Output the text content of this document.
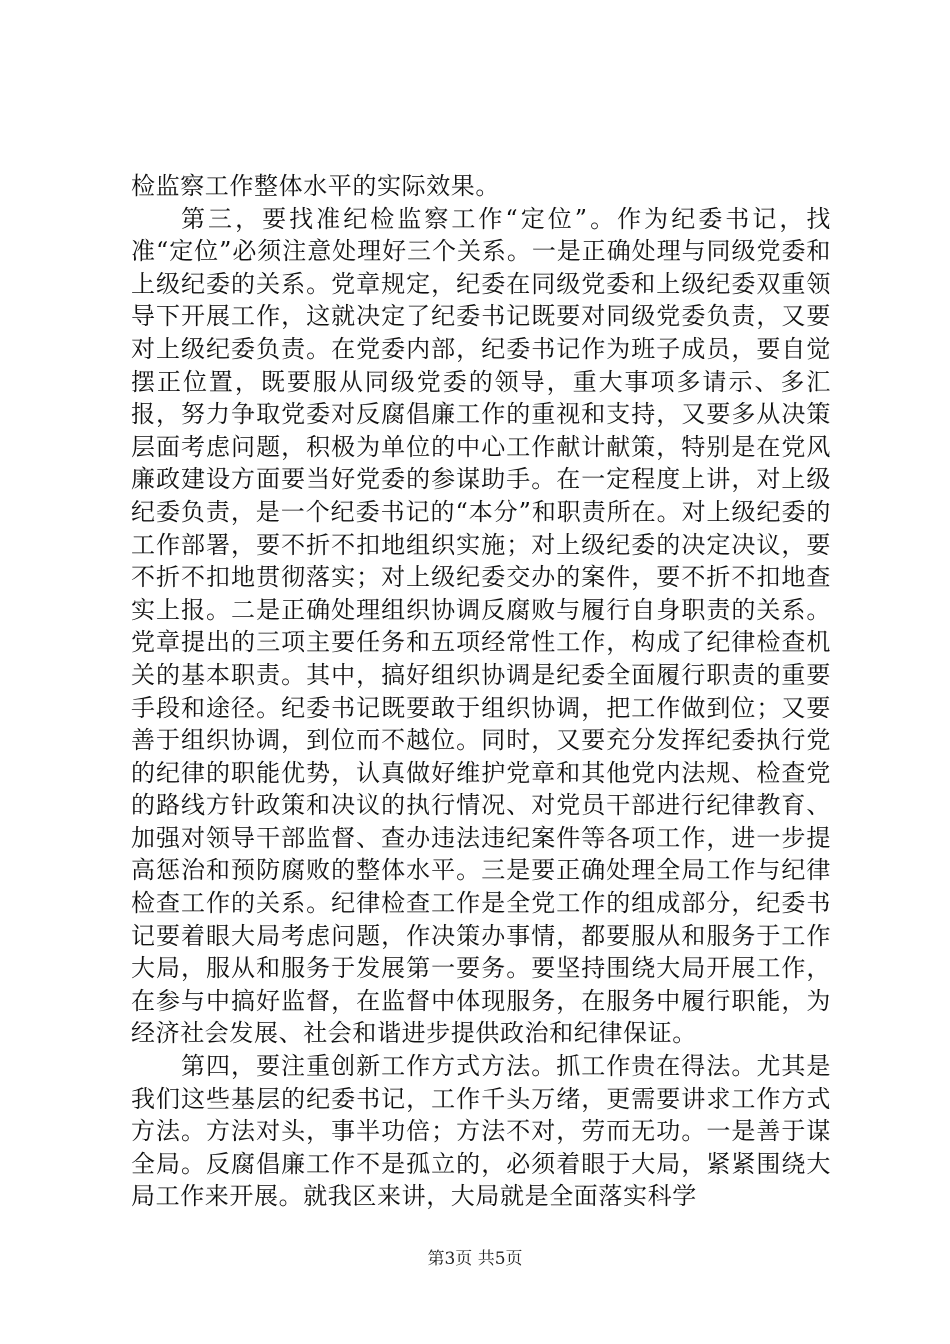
检监察工作整体水平的实际效果。

第三，要找准纪检监察工作“定位”。作为纪委书记，找准“定位”必须注意处理好三个关系。一是正确处理与同级党委和上级纪委的关系。党章规定，纪委在同级党委和上级纪委双重领导下开展工作，这就决定了纪委书记既要对同级党委负责，又要对上级纪委负责。在党委内部，纪委书记作为班子成员，要自觉摆正位置，既要服从同级党委的领导，重大事项多请示、多汇报，努力争取党委对反腐倡廉工作的重视和支持，又要多从决策层面考虑问题，积极为单位的中心工作献计献策，特别是在党风廉政建设方面要当好党委的参谋助手。在一定程度上讲，对上级纪委负责，是一个纪委书记的“本分”和职责所在。对上级纪委的工作部署，要不折不扣地组织实施；对上级纪委的决定决议，要不折不扣地贯彻落实；对上级纪委交办的案件，要不折不扣地查实上报。二是正确处理组织协调反腐败与履行自身职责的关系。党章提出的三项主要任务和五项经常性工作，构成了纪律检查机关的基本职责。其中，搞好组织协调是纪委全面履行职责的重要手段和途径。纪委书记既要敢于组织协调，把工作做到位；又要善于组织协调，到位而不越位。同时，又要充分发挥纪委执行党的纪律的职能优势，认真做好维护党章和其他党内法规、检查党的路线方针政策和决议的执行情况、对党员干部进行纪律教育、加强对领导干部监督、查办违法违纪案件等各项工作，进一步提高惩治和预防腐败的整体水平。三是要正确处理全局工作与纪律检查工作的关系。纪律检查工作是全党工作的组成部分，纪委书记要着眼大局考虑问题，作决策办事情，都要服从和服务于工作大局，服从和服务于发展第一要务。要坚持围绕大局开展工作，在参与中搞好监督，在监督中体现服务，在服务中履行职能，为经济社会发展、社会和谐进步提供政治和纪律保证。

第四，要注重创新工作方式方法。抓工作贵在得法。尤其是我们这些基层的纪委书记，工作千头万绪，更需要讲求工作方式方法。方法对头，事半功倍；方法不对，劳而无功。一是善于谋全局。反腐倡廉工作不是孤立的，必须着眼于大局，紧紧围绕大局工作来开展。就我区来讲，大局就是全面落实科学

第3页 共5页
